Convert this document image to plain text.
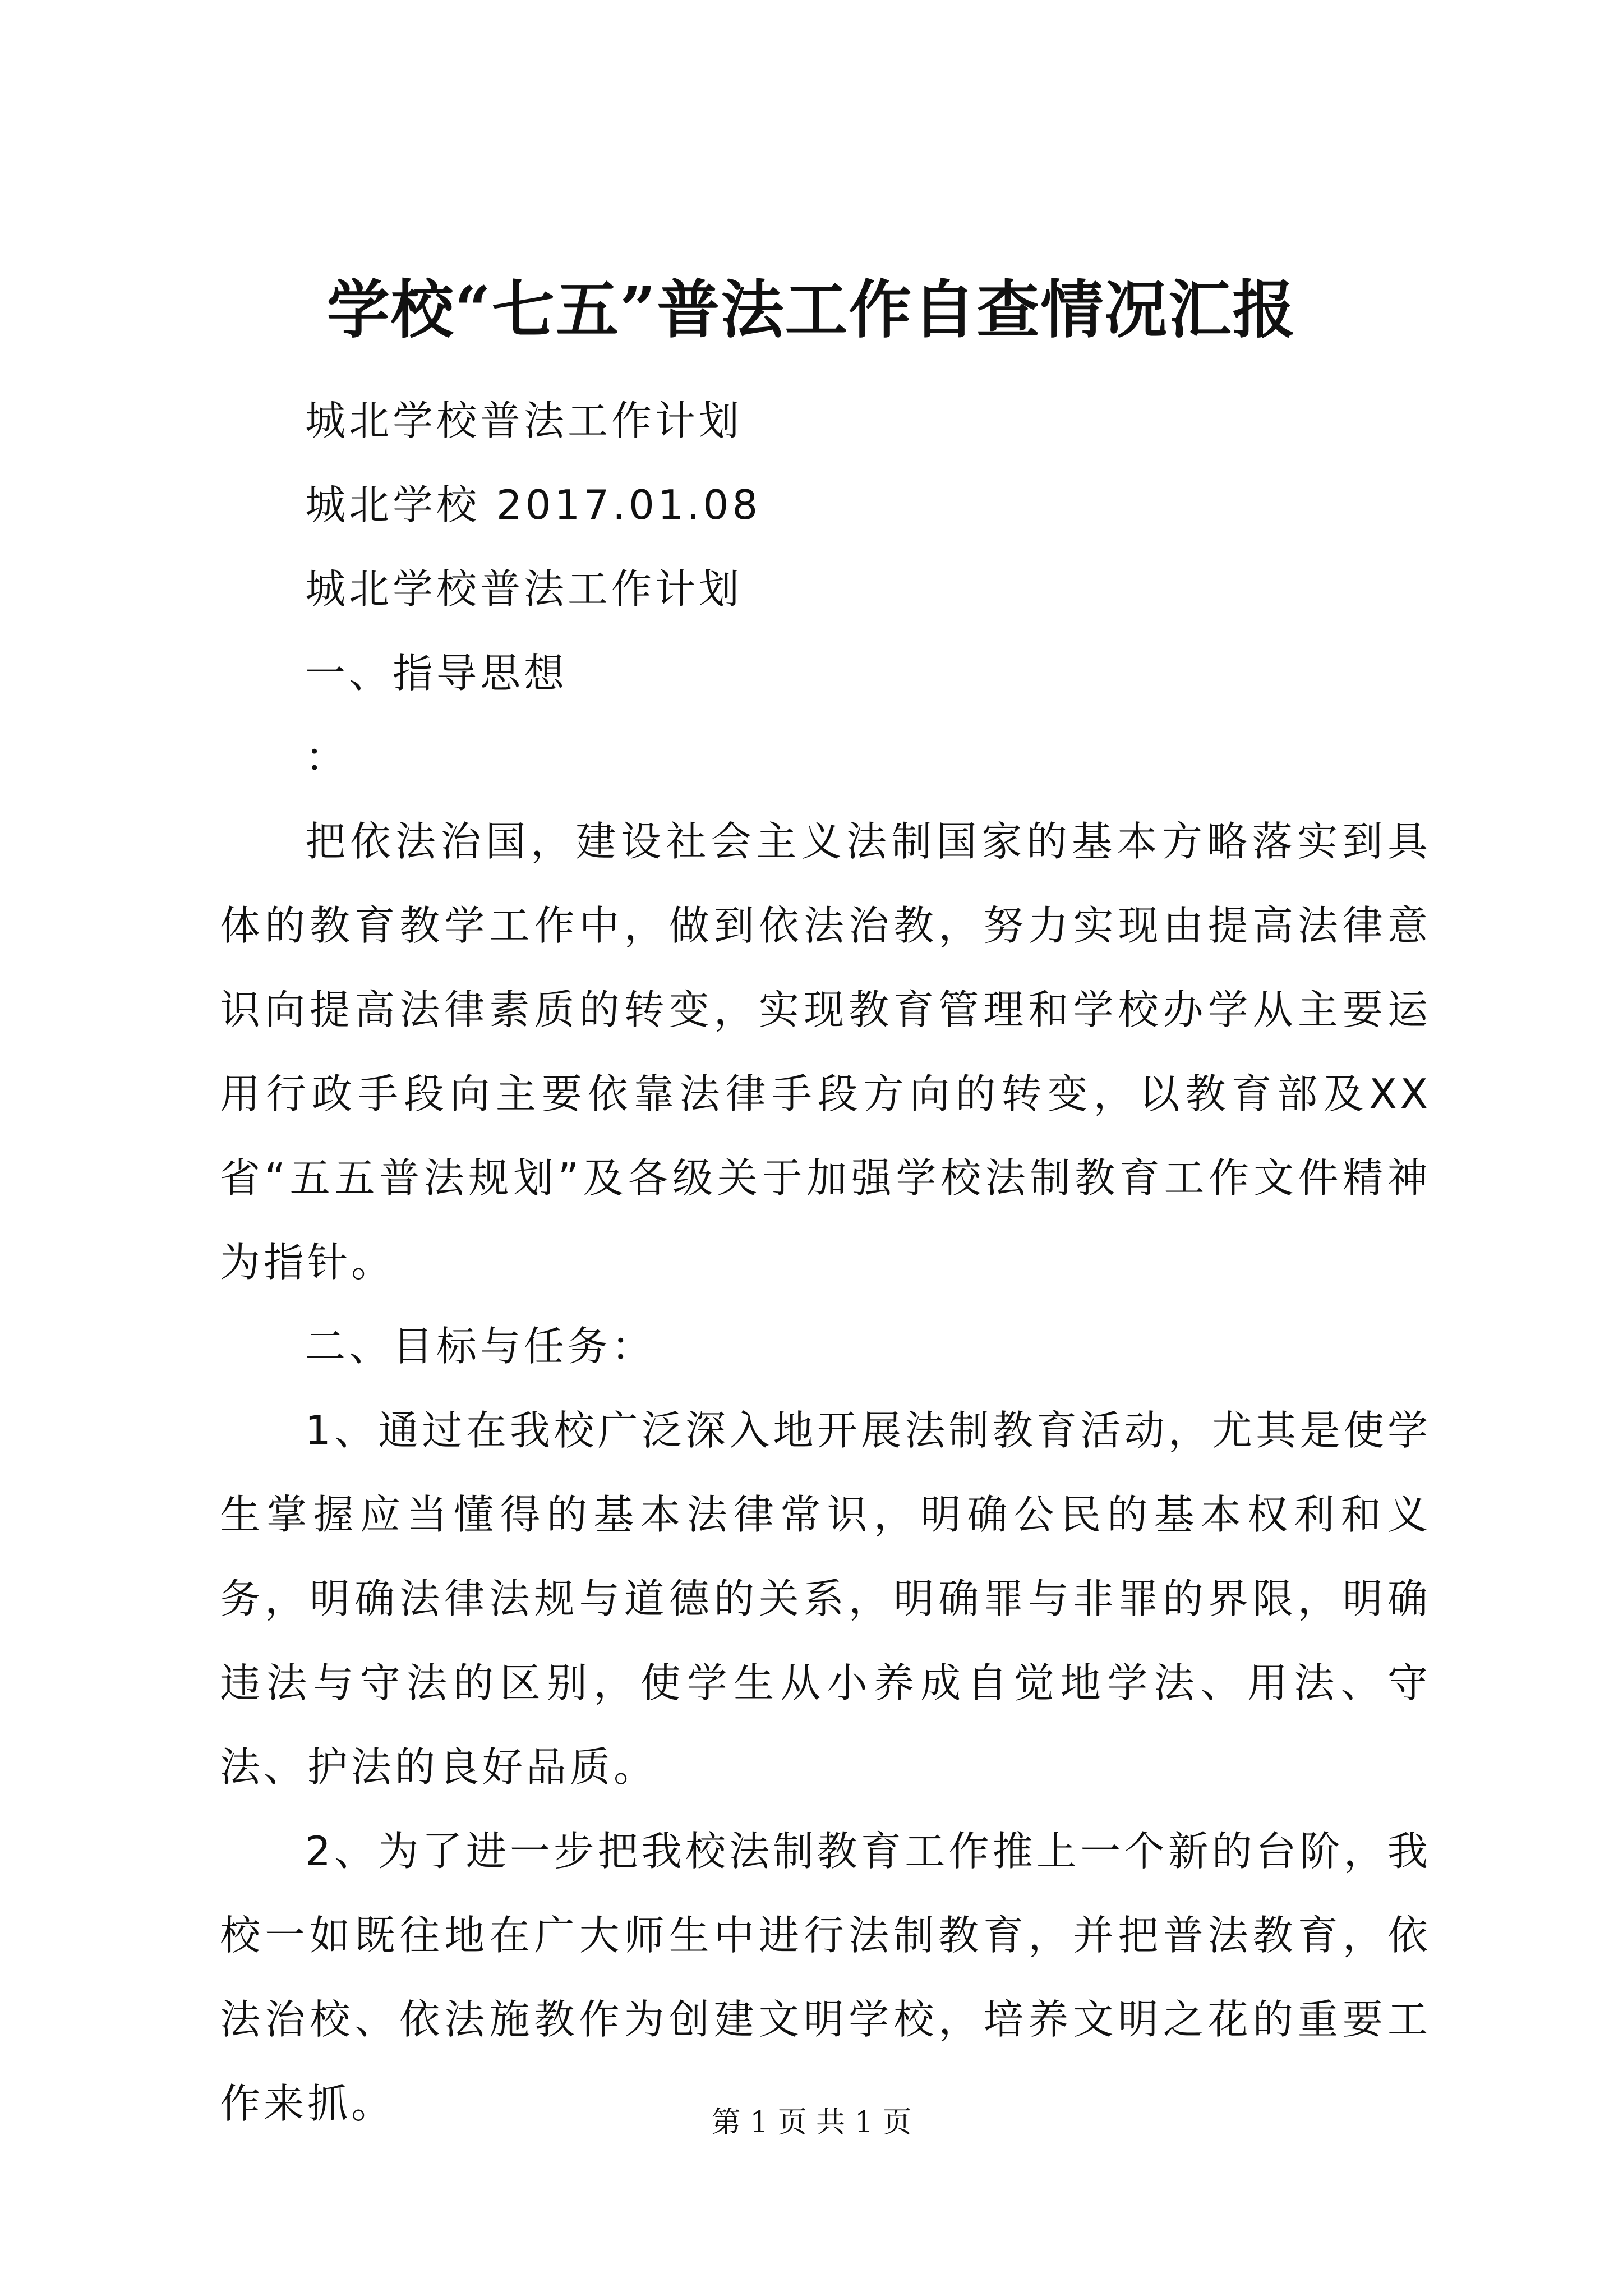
学校“七五”普法工作自查情况汇报

城北学校普法工作计划

城北学校 2017.01.08

城北学校普法工作计划

一、指导思想

：

把依法治国，建设社会主义法制国家的基本方略落实到具体的教育教学工作中，做到依法治教，努力实现由提高法律意识向提高法律素质的转变，实现教育管理和学校办学从主要运用行政手段向主要依靠法律手段方向的转变，以教育部及XX省“五五普法规划”及各级关于加强学校法制教育工作文件精神为指针。

二、目标与任务：

1、通过在我校广泛深入地开展法制教育活动，尤其是使学生掌握应当懂得的基本法律常识，明确公民的基本权利和义务，明确法律法规与道德的关系，明确罪与非罪的界限，明确违法与守法的区别，使学生从小养成自觉地学法、用法、守法、护法的良好品质。

2、为了进一步把我校法制教育工作推上一个新的台阶，我校一如既往地在广大师生中进行法制教育，并把普法教育，依法治校、依法施教作为创建文明学校，培养文明之花的重要工作来抓。	第 1 页 共 1 页
